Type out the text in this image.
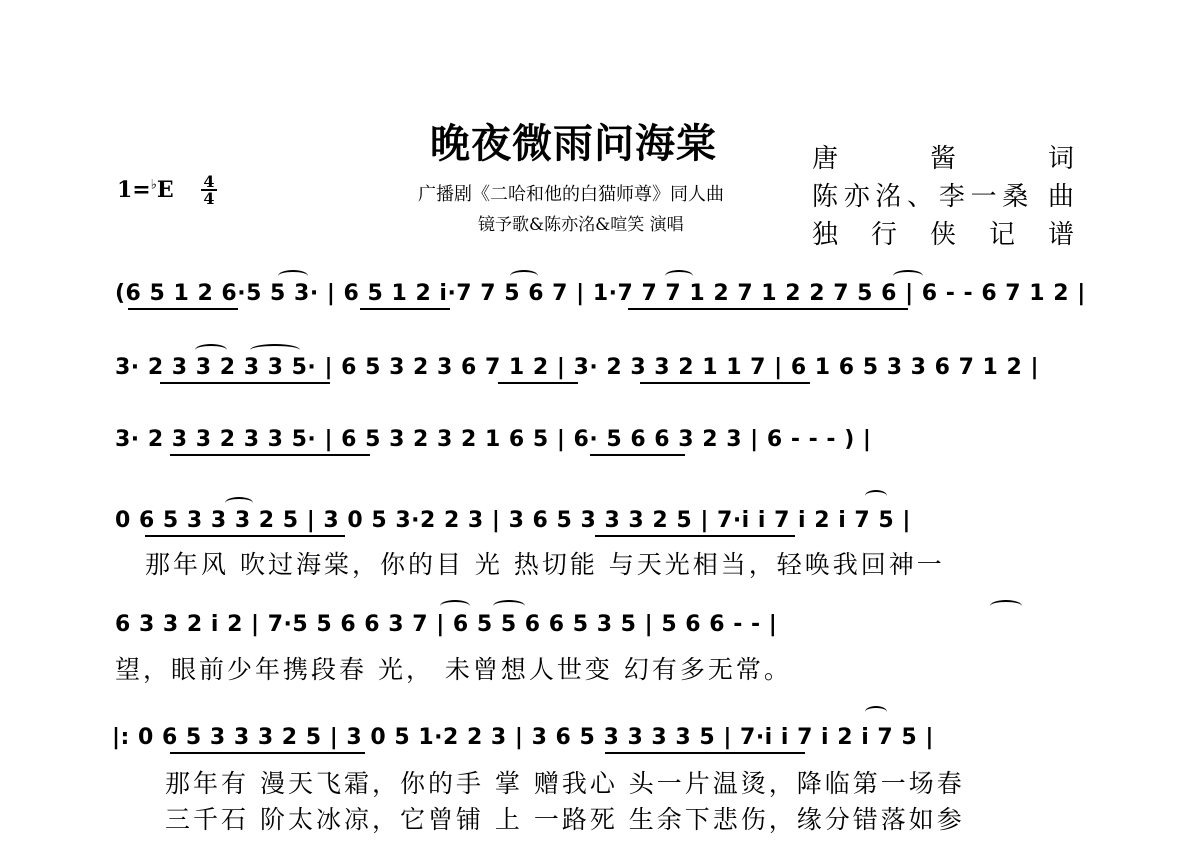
晚夜微雨问海棠
1=♭E 4
4	广播剧《二哈和他的白猫师尊》同人曲
镜予歌&陈亦洺&喧笑 演唱
唐 酱 词
陈亦洺、李一桑 曲
独 行 侠 记 谱
(6 5 1 2 6·5 5 3· | 6 5 1 2 i·7 7 5 6 7 | 1·7 7 7 1 2 7 1 2 2 7 5 6 | 6 - - 6 7 1 2 |
3· 2 3 3 2 3 3 5· | 6 5 3 2 3 6 7 1 2 | 3· 2 3 3 2 1 1 7 | 6 1 6 5 3 3 6 7 1 2 |
3· 2 3 3 2 3 3 5· | 6 5 3 2 3 2 1 6 5 | 6· 5 6 6 3 2 3 | 6 - - - ) |
0 6 5 3 3 3 2 5 | 3 0 5 3·2 2 3 | 3 6 5 3 3 3 2 5 | 7·i i 7 i 2 i 7 5 |
那年风 吹过海棠，你的目 光 热切能 与天光相当，轻唤我回神一
6 3 3 2 i 2 | 7·5 5 6 6 3 7 | 6 5 5 6 6 5 3 5 | 5 6 6 - - |
望，眼前少年携段春 光， 未曾想人世变 幻有多无常。
|: 0 6 5 3 3 3 2 5 | 3 0 5 1·2 2 3 | 3 6 5 3 3 3 3 5 | 7·i i 7 i 2 i 7 5 |
那年有 漫天飞霜，你的手 掌 赠我心 头一片温烫，降临第一场春
三千石 阶太冰凉，它曾铺 上 一路死 生余下悲伤，缘分错落如参
